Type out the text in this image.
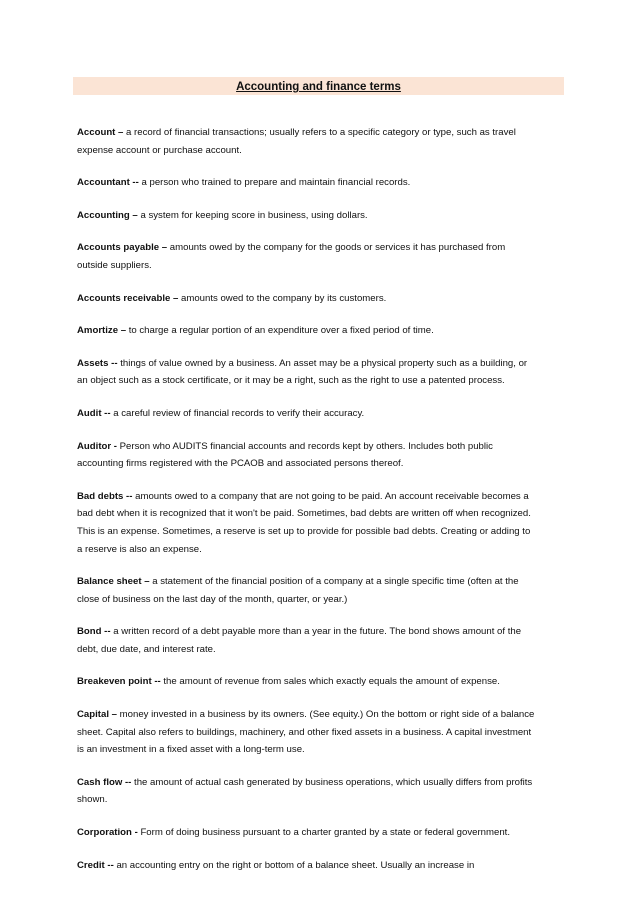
Accounting and finance terms

Account – a record of financial transactions; usually refers to a specific category or type, such as travel expense account or purchase account.

Accountant -- a person who trained to prepare and maintain financial records.

Accounting – a system for keeping score in business, using dollars.

Accounts payable – amounts owed by the company for the goods or services it has purchased from outside suppliers.

Accounts receivable – amounts owed to the company by its customers.

Amortize – to charge a regular portion of an expenditure over a fixed period of time.

Assets -- things of value owned by a business. An asset may be a physical property such as a building, or an object such as a stock certificate, or it may be a right, such as the right to use a patented process.

Audit -- a careful review of financial records to verify their accuracy.

Auditor - Person who AUDITS financial accounts and records kept by others. Includes both public accounting firms registered with the PCAOB and associated persons thereof.

Bad debts -- amounts owed to a company that are not going to be paid. An account receivable becomes a bad debt when it is recognized that it won't be paid. Sometimes, bad debts are written off when recognized. This is an expense. Sometimes, a reserve is set up to provide for possible bad debts. Creating or adding to a reserve is also an expense.

Balance sheet – a statement of the financial position of a company at a single specific time (often at the close of business on the last day of the month, quarter, or year.)

Bond -- a written record of a debt payable more than a year in the future. The bond shows amount of the debt, due date, and interest rate.

Breakeven point -- the amount of revenue from sales which exactly equals the amount of expense.

Capital – money invested in a business by its owners. (See equity.) On the bottom or right side of a balance sheet. Capital also refers to buildings, machinery, and other fixed assets in a business. A capital investment is an investment in a fixed asset with a long-term use.

Cash flow -- the amount of actual cash generated by business operations, which usually differs from profits shown.

Corporation - Form of doing business pursuant to a charter granted by a state or federal government.

Credit -- an accounting entry on the right or bottom of a balance sheet. Usually an increase in
